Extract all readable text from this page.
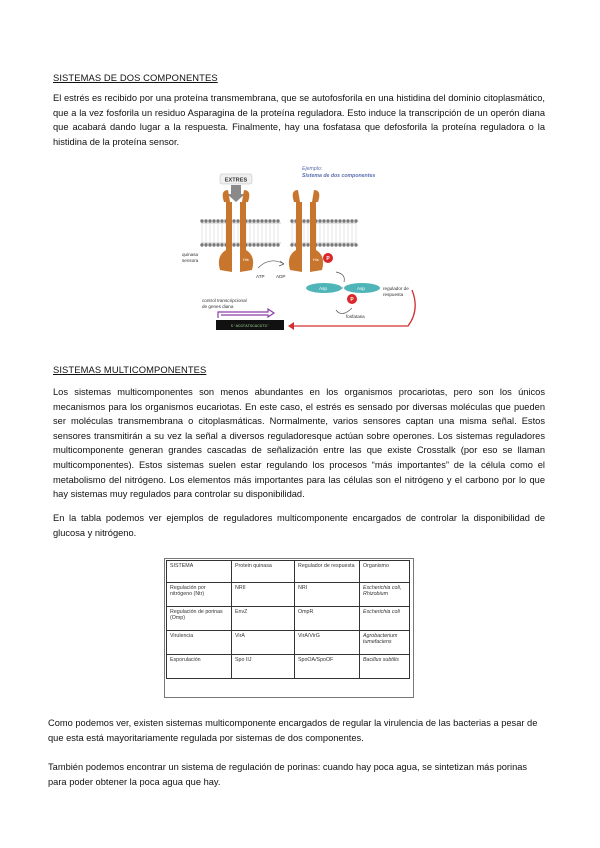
SISTEMAS DE DOS COMPONENTES
El estrés es recibido por una proteína transmembrana, que se autofosforila en una histidina del dominio citoplasmático, que a la vez fosforila un residuo Asparagina de la proteína reguladora. Esto induce la transcripción de un operón diana que acabará dando lugar a la respuesta. Finalmente, hay una fosfatasa que defosforila la proteína reguladora o la histidina de la proteína sensor.
EXTRES
His	His P
Ejemplo:
Sistema de dos componentes
quinasa
sensora
ATP ADP
Asp	Asp
P
regulador de
respuesta
fosfatasa
control transcripcional
de genes diana
5'ACGTATGCACGT3'
SISTEMAS MULTICOMPONENTES
Los sistemas multicomponentes son menos abundantes en los organismos procariotas, pero son los únicos mecanismos para los organismos eucariotas. En este caso, el estrés es sensado por diversas moléculas que pueden ser moléculas transmembrana o citoplasmáticas. Normalmente, varios sensores captan una misma señal. Estos sensores transmitirán a su vez la señal a diversos reguladoresque actúan sobre operones. Los sistemas reguladores multicomponente generan grandes cascadas de señalización entre las que existe Crosstalk (por eso se llaman multicomponentes). Estos sistemas suelen estar regulando los procesos “más importantes” de la célula como el metabolismo del nitrógeno. Los elementos más importantes para las células son el nitrógeno y el carbono por lo que hay sistemas muy regulados para controlar su disponibilidad.
En la tabla podemos ver ejemplos de reguladores multicomponente encargados de controlar la disponibilidad de glucosa y nitrógeno.
SISTEMA	Protein quinasa	Regulador de respuesta	Organismo
Regulación por nitrógeno (Ntr)	NRII	NRI	Escherichia coli, Rhizobium
Regulación de porinas (Omp)	EnvZ	OmpR	Escherichia coli
Virulencia	VirA	VirA/VirG	Agrobacterium tumefaciens
Esporulación	Spo IIJ	SpoOA/SpoOF	Bacillus subtilis
Como podemos ver, existen sistemas multicomponente encargados de regular la virulencia de las bacterias a pesar de que esta está mayoritariamente regulada por sistemas de dos componentes.
También podemos encontrar un sistema de regulación de porinas: cuando hay poca agua, se sintetizan más porinas para poder obtener la poca agua que hay.
